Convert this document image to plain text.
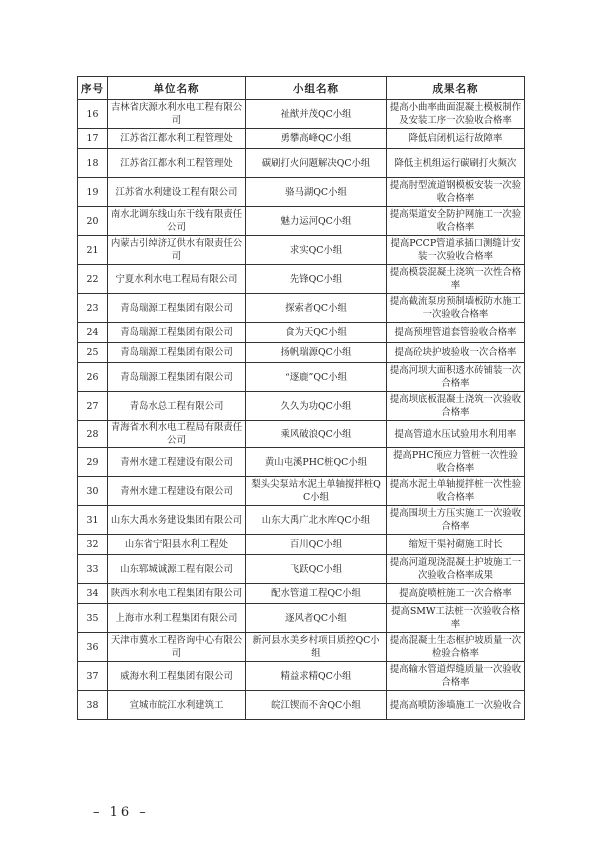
序号	单位名称	小组名称	成果名称
16	吉林省庆源水利水电工程有限公司	祉猷并茂QC小组	提高小曲率曲面混凝土模板制作及安装工序一次验收合格率
17	江苏省江都水利工程管理处	勇攀高峰QC小组	降低启闭机运行故障率
18	江苏省江都水利工程管理处	碳刷打火问题解决QC小组	降低主机组运行碳刷打火频次
19	江苏省水利建设工程有限公司	骆马湖QC小组	提高肘型流道钢模板安装一次验收合格率
20	南水北调东线山东干线有限责任公司	魅力运河QC小组	提高渠道安全防护网施工一次验收合格率
21	内蒙古引绰济辽供水有限责任公司	求实QC小组	提高PCCP管道承插口测缝计安装一次验收合格率
22	宁夏水利水电工程局有限公司	先锋QC小组	提高模袋混凝土浇筑一次性合格率
23	青岛瑞源工程集团有限公司	探索者QC小组	提高截流泵房预制墙板防水施工一次验收合格率
24	青岛瑞源工程集团有限公司	食为天QC小组	提高预埋管道套管验收合格率
25	青岛瑞源工程集团有限公司	扬帆瑞源QC小组	提高砼块护坡验收一次合格率
26	青岛瑞源工程集团有限公司	“逐鹿”QC小组	提高河坝大面积透水砖铺装一次合格率
27	青岛水总工程有限公司	久久为功QC小组	提高坝底板混凝土浇筑一次验收合格率
28	青海省水利水电工程局有限责任公司	乘风破浪QC小组	提高管道水压试验用水利用率
29	青州水建工程建设有限公司	黄山屯溪PHC桩QC小组	提高PHC预应力管桩一次性验收合格率
30	青州水建工程建设有限公司	梨头尖泵站水泥土单轴搅拌桩QC小组	提高水泥土单轴搅拌桩一次性验收合格率
31	山东大禹水务建设集团有限公司	山东大禹广北水库QC小组	提高围坝土方压实施工一次验收合格率
32	山东省宁阳县水利工程处	百川QC小组	缩短干渠衬砌施工时长
33	山东郓城诚源工程有限公司	飞跃QC小组	提高河道现浇混凝土护坡施工一次验收合格率成果
34	陕西水利水电工程集团有限公司	配水管道工程QC小组	提高旋喷桩施工一次合格率
35	上海市水利工程集团有限公司	逐风者QC小组	提高SMW工法桩一次验收合格率
36	天津市冀水工程咨询中心有限公司	新河县水美乡村项目质控QC小组	提高混凝土生态框护坡质量一次检验合格率
37	威海水利工程集团有限公司	精益求精QC小组	提高输水管道焊缝质量一次验收合格率
38	宣城市皖江水利建筑工	皖江锲而不舍QC小组	提高高喷防渗墙施工一次验收合
– 16 –
